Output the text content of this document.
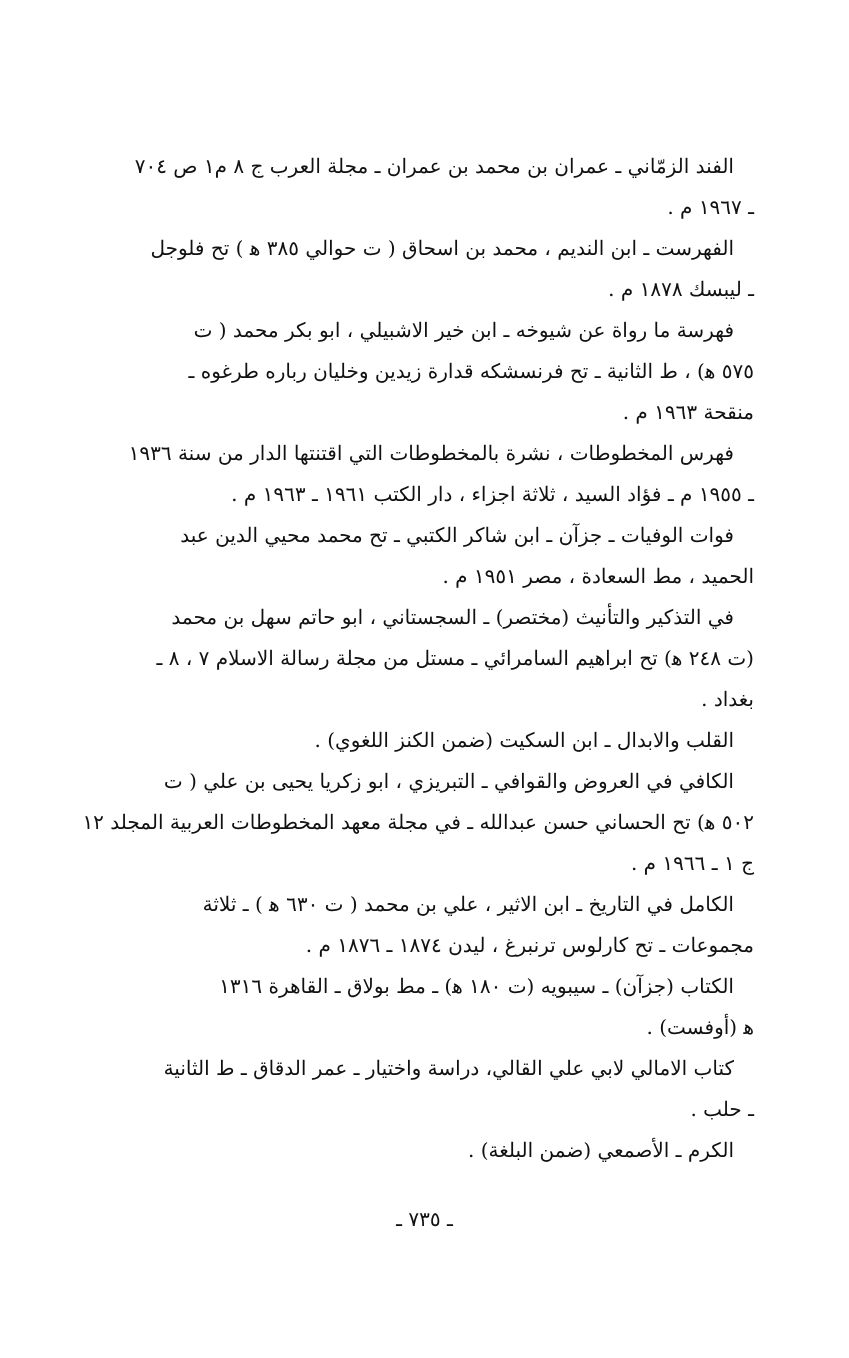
الفند الزمّاني ـ عمران بن محمد بن عمران ـ مجلة العرب ج ٨ م١ ص ٧٠٤
ـ ١٩٦٧ م .
الفهرست ـ ابن النديم ، محمد بن اسحاق ( ت حوالي ٣٨٥ ﻫ ) تح فلوجل
ـ ليبسك ١٨٧٨ م .
فهرسة ما رواة عن شيوخه ـ ابن خير الاشبيلي ، ابو بكر محمد ( ت
٥٧٥ ﻫ) ، ط الثانية ـ تح فرنسشكه قدارة زيدين وخليان رباره طرغوه ـ
منقحة ١٩٦٣ م .
فهرس المخطوطات ، نشرة بالمخطوطات التي اقتنتها الدار من سنة ١٩٣٦
ـ ١٩٥٥ م ـ فؤاد السيد ، ثلاثة اجزاء ، دار الكتب ١٩٦١ ـ ١٩٦٣ م .
فوات الوفيات ـ جزآن ـ ابن شاكر الكتبي ـ تح محمد محيي الدين عبد
الحميد ، مط السعادة ، مصر ١٩٥١ م .
في التذكير والتأنيث (مختصر) ـ السجستاني ، ابو حاتم سهل بن محمد
(ت ٢٤٨ ﻫ) تح ابراهيم السامرائي ـ مستل من مجلة رسالة الاسلام ٧ ، ٨ ـ
بغداد .
القلب والابدال ـ ابن السكيت (ضمن الكنز اللغوي) .
الكافي في العروض والقوافي ـ التبريزي ، ابو زكريا يحيى بن علي ( ت
٥٠٢ ﻫ) تح الحساني حسن عبدالله ـ في مجلة معهد المخطوطات العربية المجلد ١٢
ج ١ ـ ١٩٦٦ م .
الكامل في التاريخ ـ ابن الاثير ، علي بن محمد ( ت ٦٣٠ ﻫ ) ـ ثلاثة
مجموعات ـ تح كارلوس ترنبرغ ، ليدن ١٨٧٤ ـ ١٨٧٦ م .
الكتاب (جزآن) ـ سيبويه (ت ١٨٠ ﻫ) ـ مط بولاق ـ القاهرة ١٣١٦
ﻫ (أوفست) .
كتاب الامالي لابي علي القالي، دراسة واختيار ـ عمر الدقاق ـ ط الثانية
ـ حلب .
الكرم ـ الأصمعي (ضمن البلغة) .
ـ ٧٣٥ ـ
